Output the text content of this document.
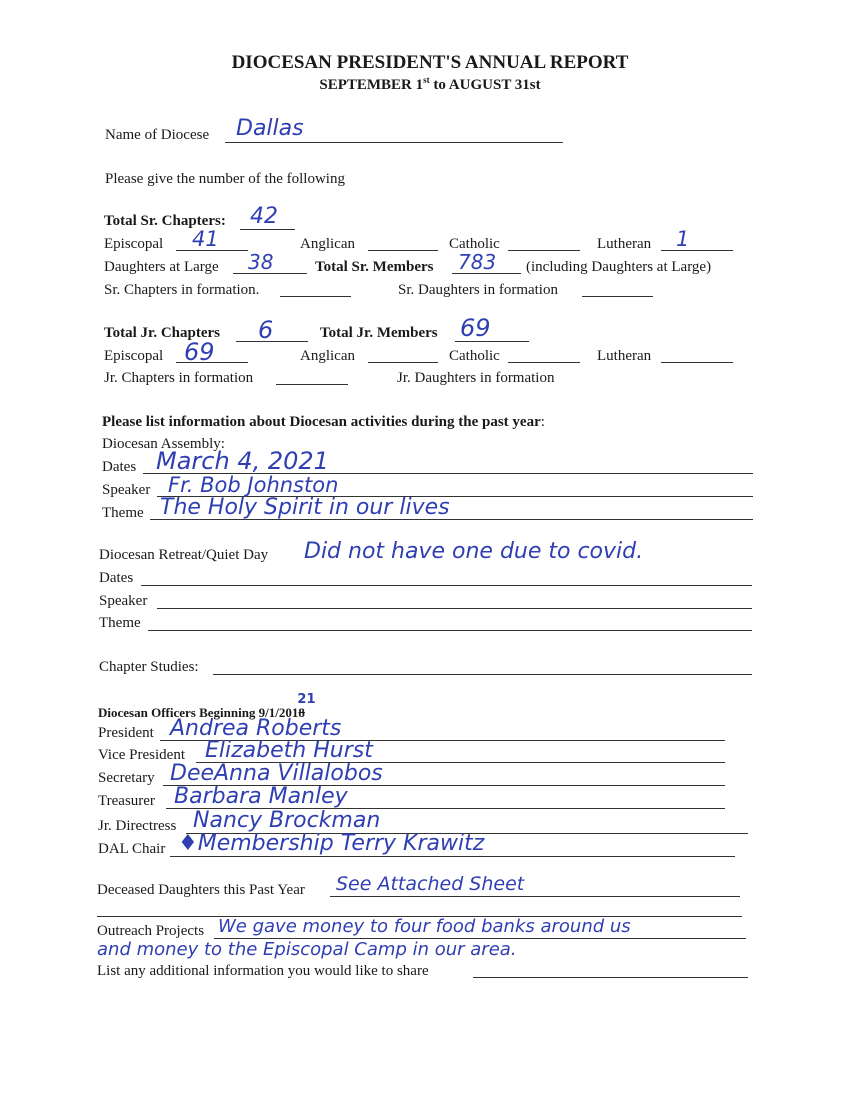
DIOCESAN PRESIDENT'S ANNUAL REPORT
SEPTEMBER 1st to AUGUST 31st
Name of Diocese Dallas
Please give the number of the following
Total Sr. Chapters: 42
Episcopal 41	Anglican	Catholic	Lutheran 1
Daughters at Large 38	Total Sr. Members 783 (including Daughters at Large)
Sr. Chapters in formation.	Sr. Daughters in formation
Total Jr. Chapters 6	Total Jr. Members 69
Episcopal 69	Anglican	Catholic	Lutheran
Jr. Chapters in formation	Jr. Daughters in formation
Please list information about Diocesan activities during the past year:
Diocesan Assembly:
Dates March 4, 2021
Speaker Fr. Bob Johnston
Theme The Holy Spirit in our lives
Diocesan Retreat/Quiet Day Did not have one due to covid.
Dates
Speaker
Theme
Chapter Studies:
Diocesan Officers Beginning 9/1/2018
21
President Andrea Roberts
Vice President Elizabeth Hurst
Secretary DeeAnna Villalobos
Treasurer Barbara Manley
Jr. Directress Nancy Brockman
DAL Chair ♦Membership Terry Krawitz
Deceased Daughters this Past Year See Attached Sheet
Outreach Projects We gave money to four food banks around us
and money to the Episcopal Camp in our area.
List any additional information you would like to share
